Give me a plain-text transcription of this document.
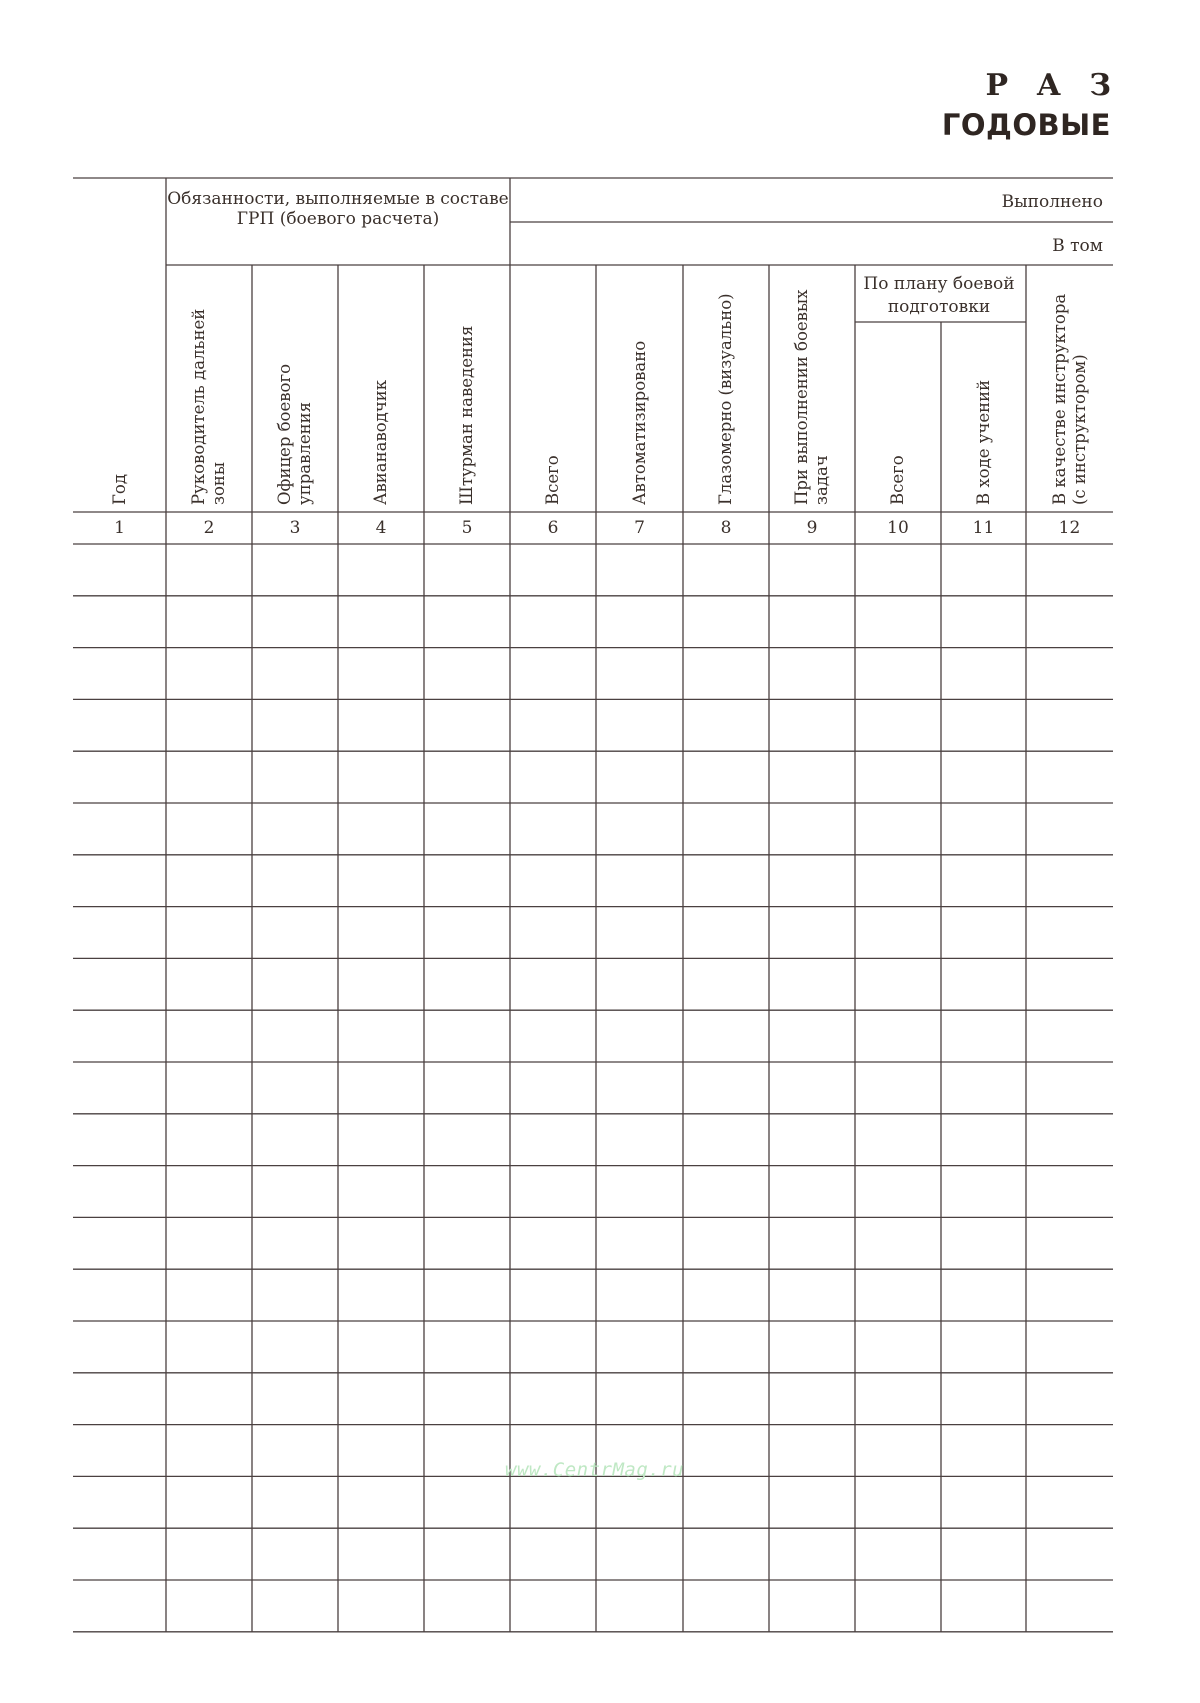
Р А З
ГОДОВЫЕ
Обязанности, выполняемые в составе ГРП (боевого расчета)
Выполнено
В том
По плану боевой подготовки
Год	Руководитель дальней зоны	Офицер боевого управления	Авианаводчик	Штурман наведения	Всего	Автоматизировано	Глазомерно (визуально)	При выполнении боевых задач	Всего	В ходе учений	В качестве инструктора (с инструктором)
1	2	3	4	5	6	7	8	9	10	11	12
www.CentrMag.ru
